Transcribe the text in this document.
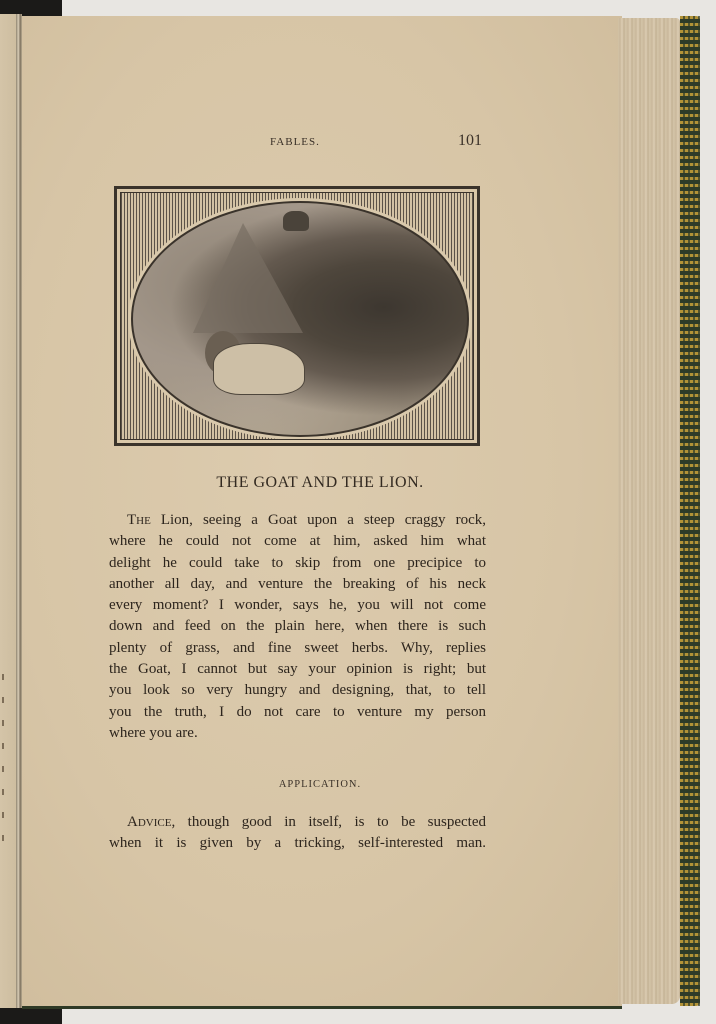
FABLES.	101
THE GOAT AND THE LION.
The Lion, seeing a Goat upon a steep craggy rock,
where he could not come at him, asked him what
delight he could take to skip from one precipice to
another all day, and venture the breaking of his neck
every moment? I wonder, says he, you will not come
down and feed on the plain here, when there is such
plenty of grass, and fine sweet herbs. Why, replies
the Goat, I cannot but say your opinion is right; but
you look so very hungry and designing, that, to tell
you the truth, I do not care to venture my person
where you are.
APPLICATION.
Advice, though good in itself, is to be suspected
when it is given by a tricking, self-interested man.
